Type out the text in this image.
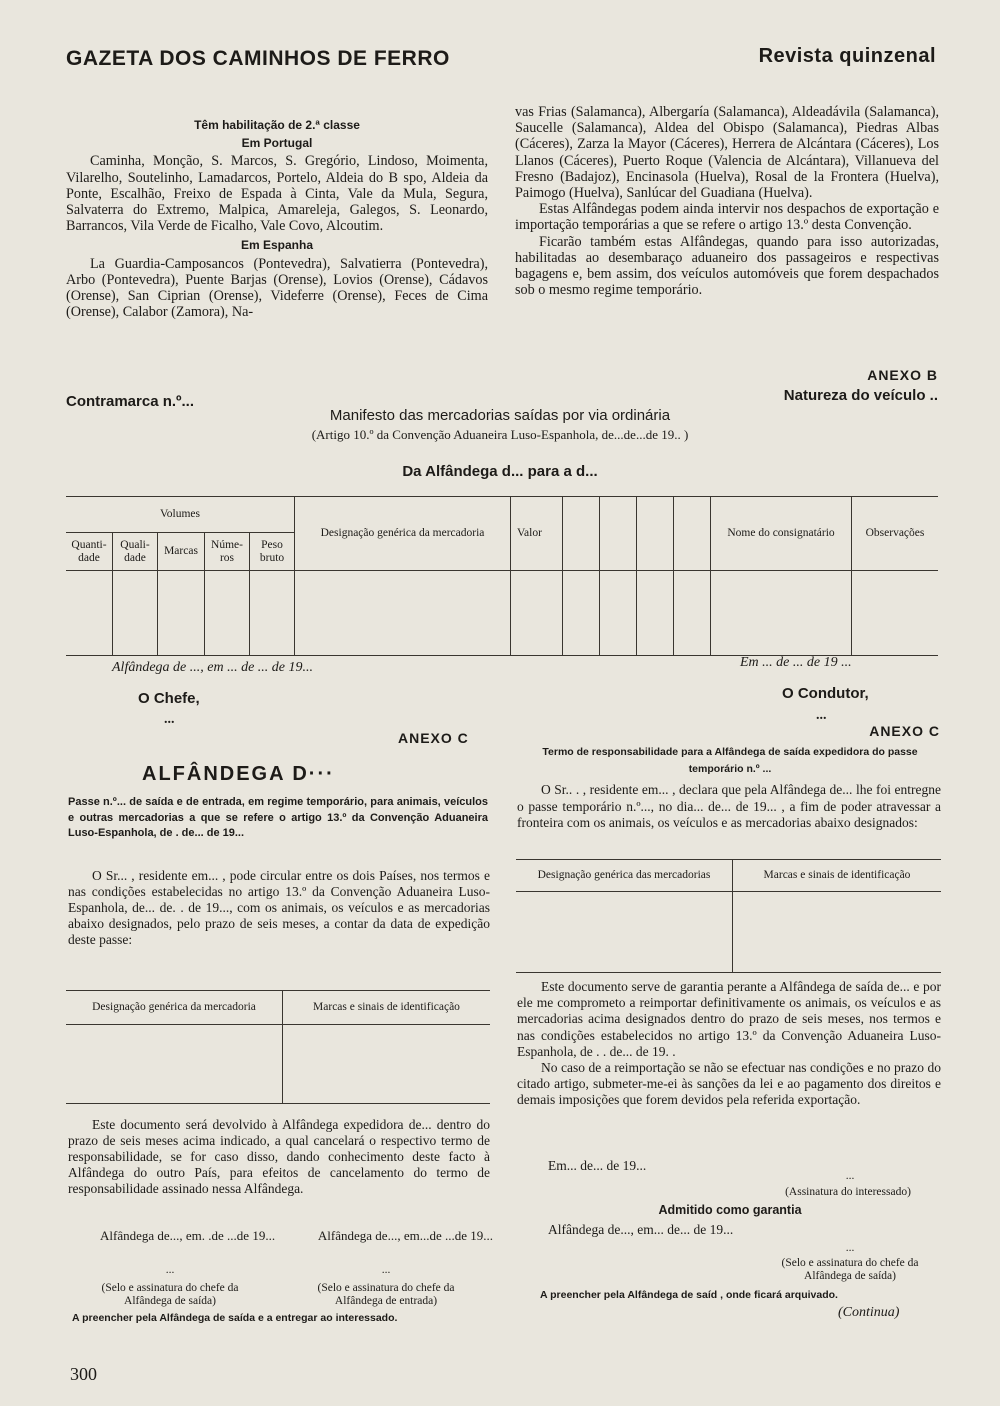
GAZETA DOS CAMINHOS DE FERRO	Revista quinzenal
Têm habilitação de 2.ª classe
Em Portugal

Caminha, Monção, S. Marcos, S. Gregório, Lindoso, Moimenta, Vilarelho, Soutelinho, Lamadarcos, Portelo, Aldeia do B spo, Aldeia da Ponte, Escalhão, Freixo de Espada à Cinta, Vale da Mula, Segura, Salvaterra do Extremo, Malpica, Amareleja, Galegos, S. Leonardo, Barrancos, Vila Verde de Ficalho, Vale Covo, Alcoutim.

Em Espanha

La Guardia-Camposancos (Pontevedra), Salvatierra (Pontevedra), Arbo (Pontevedra), Puente Barjas (Orense), Lovios (Orense), Cádavos (Orense), San Ciprian (Orense), Videferre (Orense), Feces de Cima (Orense), Calabor (Zamora), Na-

vas Frias (Salamanca), Albergaría (Salamanca), Aldeadávila (Salamanca), Saucelle (Salamanca), Aldea del Obispo (Salamanca), Piedras Albas (Cáceres), Zarza la Mayor (Cáceres), Herrera de Alcántara (Cáceres), Los Llanos (Cáceres), Puerto Roque (Valencia de Alcántara), Villanueva del Fresno (Badajoz), Encinasola (Huelva), Rosal de la Frontera (Huelva), Paimogo (Huelva), Sanlúcar del Guadiana (Huelva).

Estas Alfândegas podem ainda intervir nos despachos de exportação e importação temporárias a que se refere o artigo 13.º desta Convenção.

Ficarão também estas Alfândegas, quando para isso autorizadas, habilitadas ao desembaraço aduaneiro dos passageiros e respectivas bagagens e, bem assim, dos veículos automóveis que forem despachados sob o mesmo regime temporário.

ANEXO B
Contramarca n.º...	Natureza do veículo ..
Manifesto das mercadorias saídas por via ordinária
(Artigo 10.º da Convenção Aduaneira Luso-Espanhola, de...de...de 19.. )
Da Alfândega d... para a d...
Volumes					Designação genérica da mercadoria	Valor					Nome do consignatário	Observações
Quanti-dade	Quali-dade	Marcas	Núme-ros	Peso bruto								

Alfândega de ..., em ... de ... de 19...
O Chefe,
...
Em ... de ... de 19 ...
O Condutor,
...
ANEXO C
ALFÂNDEGA D···
Passe n.º... de saída e de entrada, em regime temporário, para animais, veículos e outras mercadorias a que se refere o artigo 13.º da Convenção Aduaneira Luso-Espanhola, de . de... de 19...

O Sr... , residente em... , pode circular entre os dois Países, nos termos e nas condições estabelecidas no artigo 13.º da Convenção Aduaneira Luso-Espanhola, de... de. . de 19..., com os animais, os veículos e as mercadorias abaixo designados, pelo prazo de seis meses, a contar da data de expedição deste passe:

Designação genérica da mercadoria	Marcas e sinais de identificação

Este documento será devolvido à Alfândega expedidora de... dentro do prazo de seis meses acima indicado, a qual cancelará o respectivo termo de responsabilidade, se for caso disso, dando conhecimento deste facto à Alfândega do outro País, para efeitos de cancelamento do termo de responsabilidade assinado nessa Alfândega.

Alfândega de..., em. .de ...de 19...	Alfândega de..., em...de ...de 19...
...	...
(Selo e assinatura do chefe da Alfândega de saída)
(Selo e assinatura do chefe da Alfândega de entrada)
A preencher pela Alfândega de saída e a entregar ao interessado.
ANEXO C
Termo de responsabilidade para a Alfândega de saída expedidora do passe temporário n.º ...

O Sr.. . , residente em... , declara que pela Alfândega de... lhe foi entregne o passe temporário n.º..., no dia... de... de 19... , a fim de poder atravessar a fronteira com os animais, os veículos e as mercadorias abaixo designados:

Designação genérica das mercadorias	Marcas e sinais de identificação

Este documento serve de garantia perante a Alfândega de saída de... e por ele me comprometo a reimportar definitivamente os animais, os veículos e as mercadorias acima designados dentro do prazo de seis meses, nos termos e nas condições estabelecidos no artigo 13.º da Convenção Aduaneira Luso-Espanhola, de . . de... de 19. .

No caso de a reimportação se não se efectuar nas condições e no prazo do citado artigo, submeter-me-ei às sanções da lei e ao pagamento dos direitos e demais imposições que forem devidos pela referida exportação.

Em... de... de 19...
...
(Assinatura do interessado)
Admitido como garantia
Alfândega de..., em... de... de 19...
...
(Selo e assinatura do chefe da Alfândega de saída)
A preencher pela Alfândega de saíd , onde ficará arquivado.
(Continua)
300
